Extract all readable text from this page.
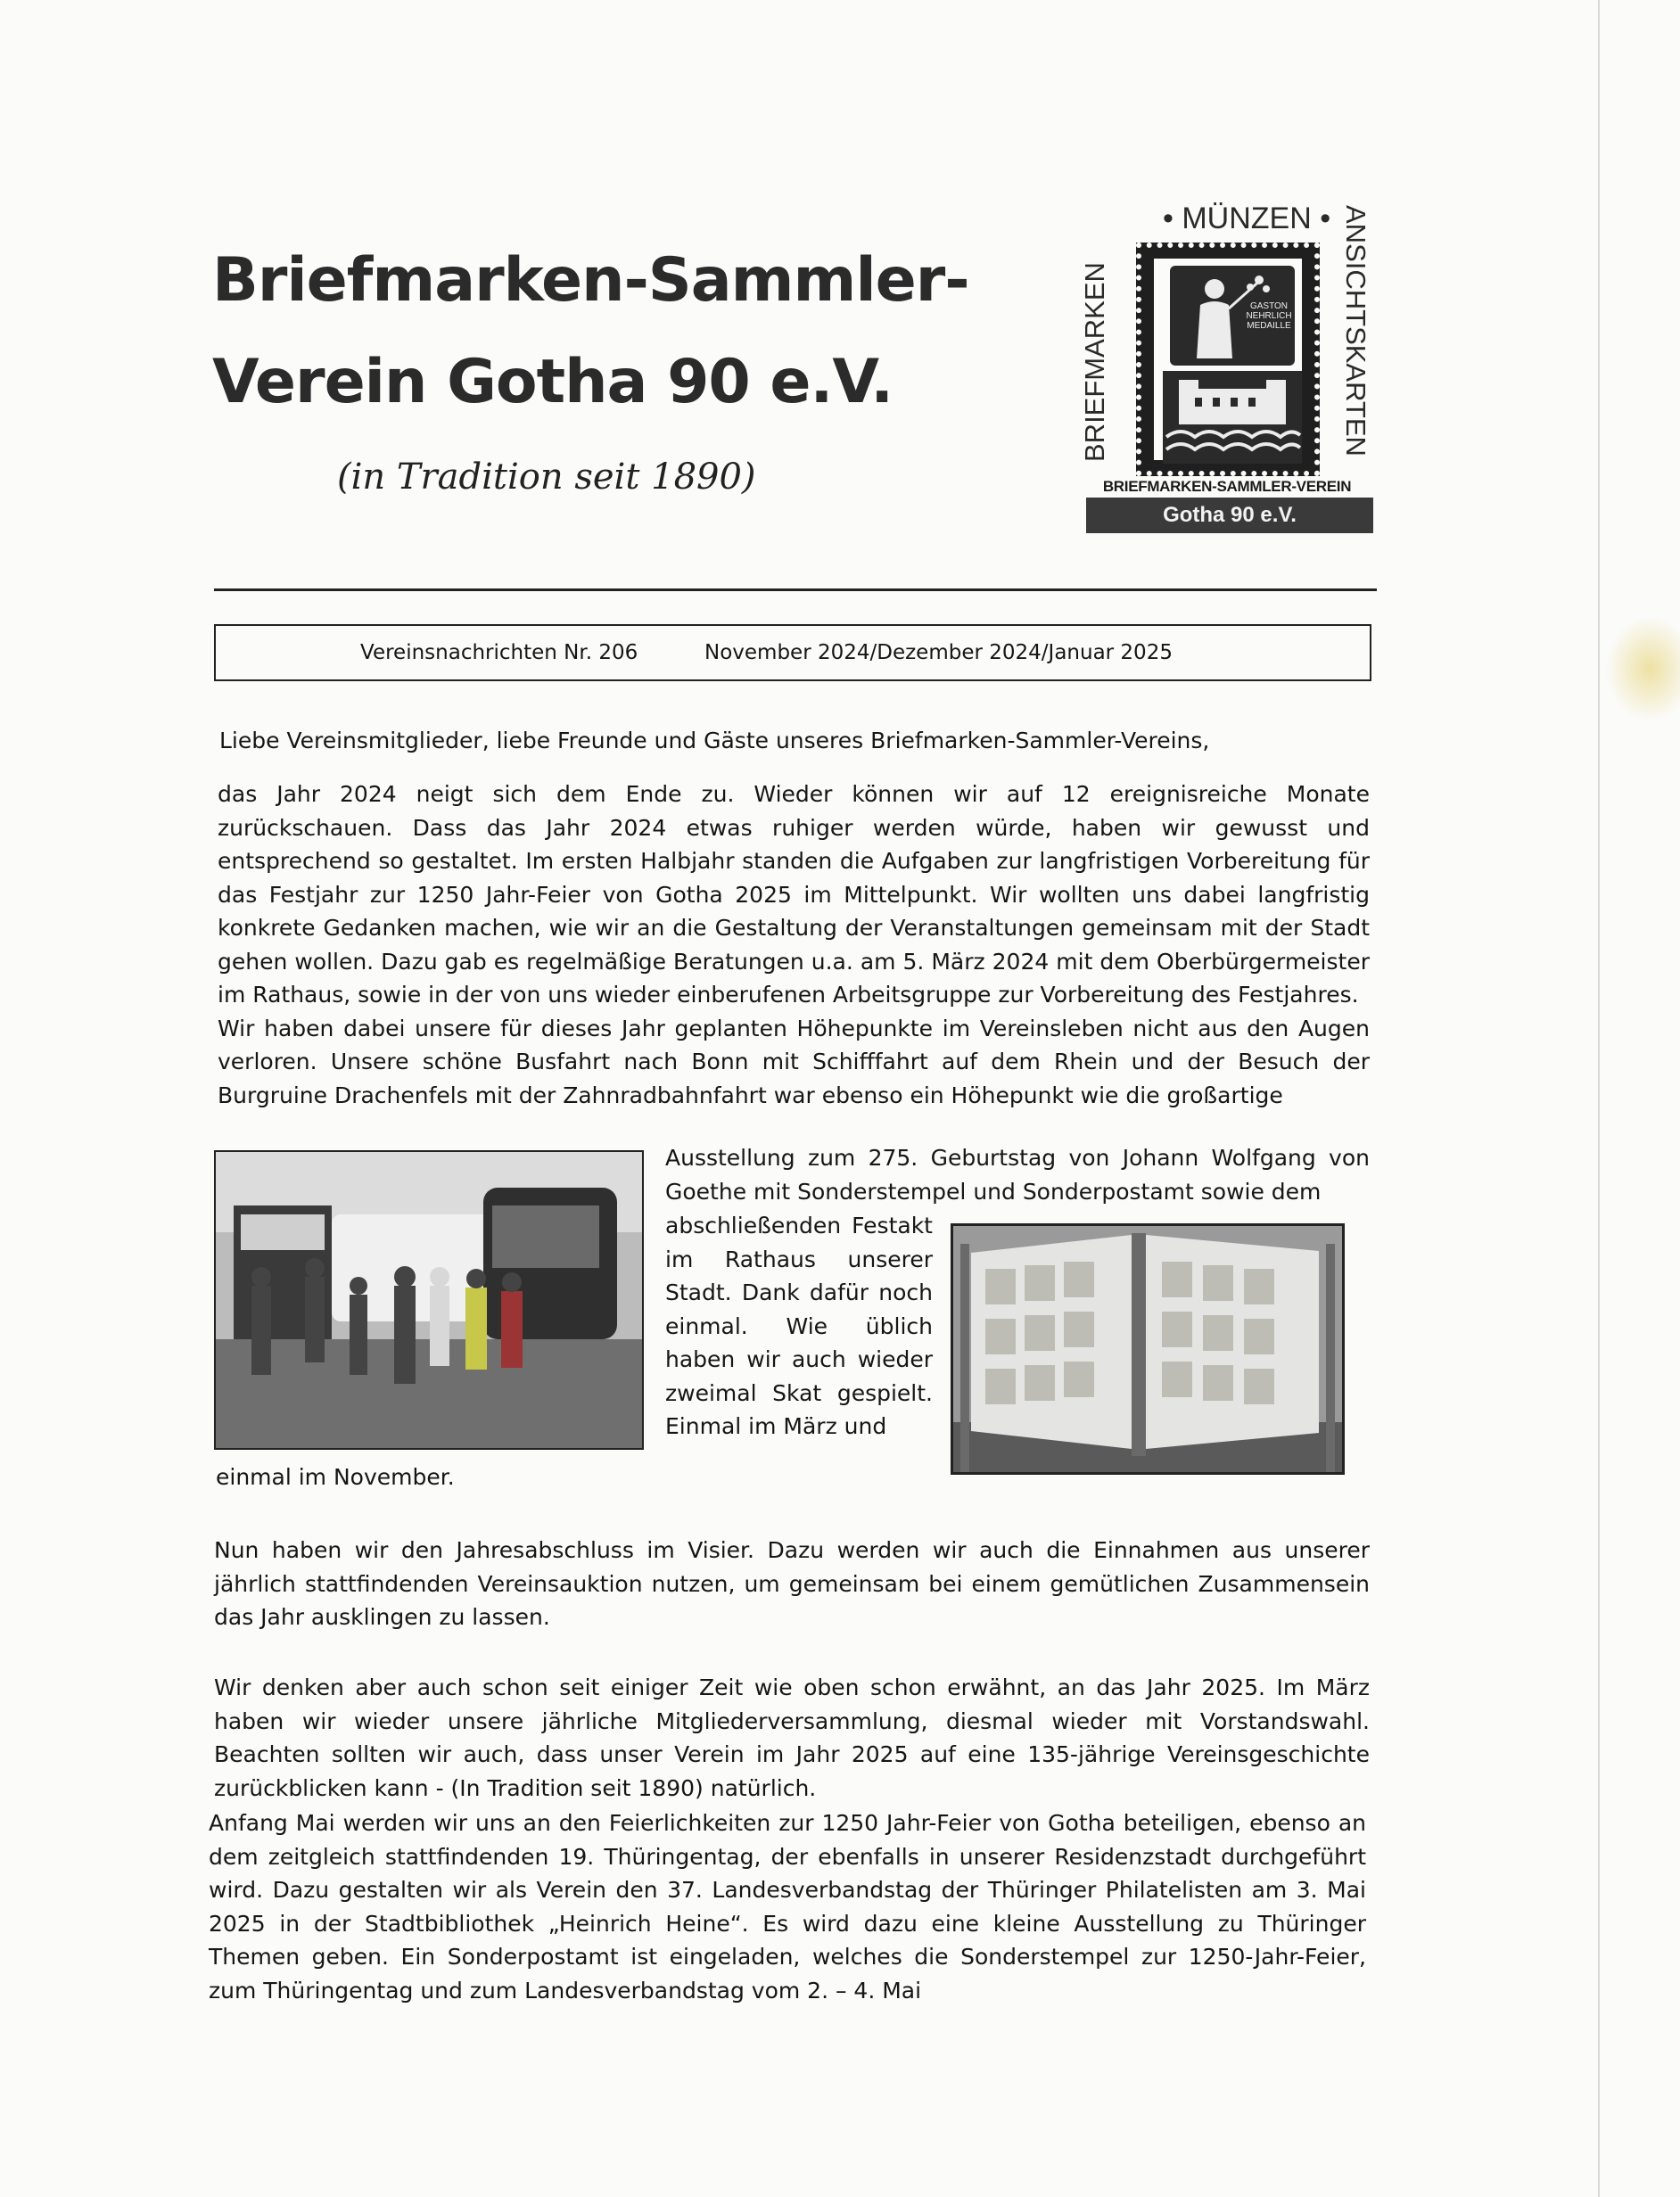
Briefmarken-Sammler-
Verein Gotha 90 e.V.
(in Tradition seit 1890)
• MÜNZEN •
BRIEFMARKEN	ANSICHTSKARTEN
GASTON NEHRLICH MEDAILLE
BRIEFMARKEN-SAMMLER-VEREIN
Gotha 90 e.V.
Vereinsnachrichten Nr. 206	November 2024/Dezember 2024/Januar 2025
Liebe Vereinsmitglieder, liebe Freunde und Gäste unseres Briefmarken-Sammler-Vereins,

das Jahr 2024 neigt sich dem Ende zu. Wieder können wir auf 12 ereignisreiche Monate zurückschauen. Dass das Jahr 2024 etwas ruhiger werden würde, haben wir gewusst und entsprechend so gestaltet. Im ersten Halbjahr standen die Aufgaben zur langfristigen Vorbereitung für das Festjahr zur 1250 Jahr-Feier von Gotha 2025 im Mittelpunkt. Wir wollten uns dabei langfristig konkrete Gedanken machen, wie wir an die Gestaltung der Veranstaltungen gemeinsam mit der Stadt gehen wollen. Dazu gab es regelmäßige Beratungen u.a. am 5. März 2024 mit dem Oberbürgermeister im Rathaus, sowie in der von uns wieder einberufenen Arbeitsgruppe zur Vorbereitung des Festjahres.

Wir haben dabei unsere für dieses Jahr geplanten Höhepunkte im Vereinsleben nicht aus den Augen verloren. Unsere schöne Busfahrt nach Bonn mit Schifffahrt auf dem Rhein und der Besuch der Burgruine Drachenfels mit der Zahnradbahnfahrt war ebenso ein Höhepunkt wie die großartige

Ausstellung zum 275. Geburtstag von Johann Wolfgang von Goethe mit Sonderstempel und Sonderpostamt sowie dem

abschließenden Festakt im Rathaus unserer Stadt. Dank dafür noch einmal. Wie üblich haben wir auch wieder zweimal Skat gespielt. Einmal im März und

einmal im November.

Nun haben wir den Jahresabschluss im Visier. Dazu werden wir auch die Einnahmen aus unserer jährlich stattfindenden Vereinsauktion nutzen, um gemeinsam bei einem gemütlichen Zusammensein das Jahr ausklingen zu lassen.

Wir denken aber auch schon seit einiger Zeit wie oben schon erwähnt, an das Jahr 2025. Im März haben wir wieder unsere jährliche Mitgliederversammlung, diesmal wieder mit Vorstandswahl. Beachten sollten wir auch, dass unser Verein im Jahr 2025 auf eine 135-jährige Vereinsgeschichte zurückblicken kann - (In Tradition seit 1890) natürlich.

Anfang Mai werden wir uns an den Feierlichkeiten zur 1250 Jahr-Feier von Gotha beteiligen, ebenso an dem zeitgleich stattfindenden 19. Thüringentag, der ebenfalls in unserer Residenzstadt durchgeführt wird. Dazu gestalten wir als Verein den 37. Landesverbandstag der Thüringer Philatelisten am 3. Mai 2025 in der Stadtbibliothek „Heinrich Heine“. Es wird dazu eine kleine Ausstellung zu Thüringer Themen geben. Ein Sonderpostamt ist eingeladen, welches die Sonderstempel zur 1250-Jahr-Feier, zum Thüringentag und zum Landesverbandstag vom 2. – 4. Mai
